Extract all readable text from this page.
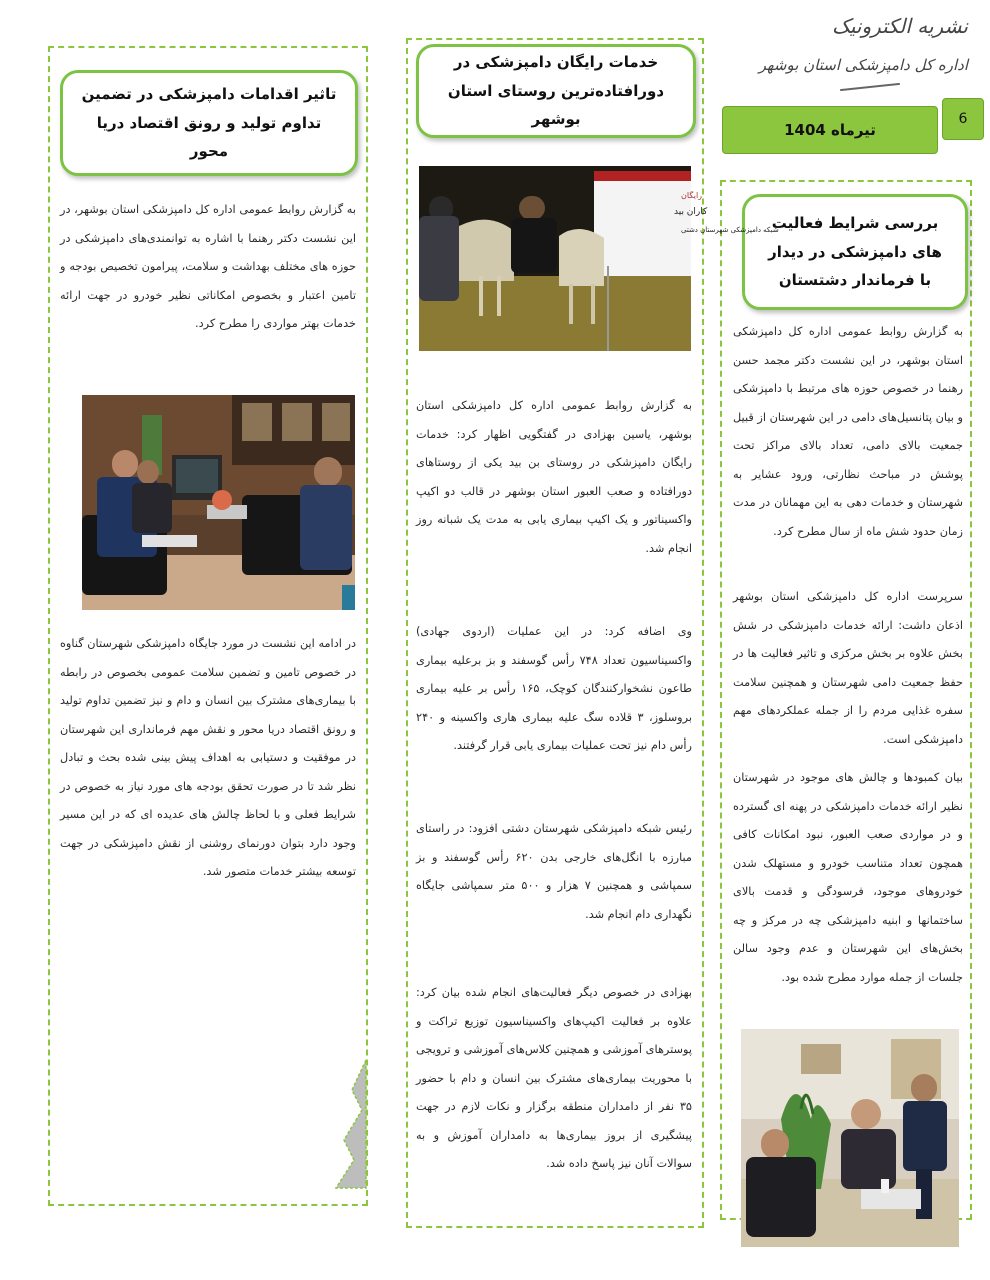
نشریه الکترونیک
اداره کل دامپزشکی استان بوشهر
تیرماه 1404
6
بررسی شرایط فعالیت های دامپزشکی در دیدار با فرماندار دشتستان
به گزارش روابط عمومی اداره کل دامپزشکی استان بوشهر، در این نشست دکتر مجمد حسن رهنما در خصوص حوزه های مرتبط با دامپزشکی و بیان پتانسیل‌های دامی در این شهرستان از قبیل جمعیت بالای دامی، تعداد بالای مراکز تحت پوشش در مباحث نظارتی، ورود عشایر به شهرستان و خدمات دهی به این مهمانان در مدت زمان حدود شش ماه از سال مطرح کرد.
سرپرست اداره کل دامپزشکی استان بوشهر اذعان داشت: ارائه خدمات دامپزشکی در شش بخش علاوه بر بخش مرکزی و تاثیر فعالیت ها در حفظ جمعیت دامی شهرستان و همچنین سلامت سفره غذایی مردم را از جمله عملکردهای مهم دامپزشکی است.
بیان کمبودها و چالش های موجود در شهرستان نظیر ارائه خدمات دامپزشکی در پهنه ای گسترده و در مواردی صعب العبور، نبود امکانات کافی همچون تعداد متناسب خودرو و مستهلک شدن خودروهای موجود، فرسودگی و قدمت بالای ساختمانها و ابنیه دامپزشکی چه در مرکز و چه بخش‌های این شهرستان و عدم وجود سالن جلسات از جمله موارد مطرح شده بود.
خدمات رایگان دامپزشکی در دورافتاده‌ترین روستای استان بوشهر
رایگان
کاران بید
شبکه دامپزشکی شهرستان دشتی
به گزارش روابط عمومی اداره کل دامپزشکی استان بوشهر، یاسین بهزادی در گفتگویی اظهار کرد: خدمات رایگان دامپزشکی در روستای بن بید یکی از روستاهای دورافتاده و صعب العبور استان بوشهر در قالب دو اکیپ واکسیناتور و یک اکیپ بیماری یابی به مدت یک شبانه روز انجام شد.
وی اضافه کرد: در این عملیات (اردوی جهادی) واکسیناسیون تعداد ۷۴۸ رأس گوسفند و بز برعلیه بیماری طاعون نشخوارکنندگان کوچک، ۱۶۵ رأس بر علیه بیماری بروسلوز، ۳ قلاده سگ علیه بیماری هاری واکسینه و ۲۴۰ رأس دام نیز تحت عملیات بیماری یابی قرار گرفتند.
رئیس شبکه دامپزشکی شهرستان دشتی افزود: در راستای مبارزه با انگل‌های خارجی بدن ۶۲۰ رأس گوسفند و بز سمپاشی و همچنین ۷ هزار و ۵۰۰ متر سمپاشی جایگاه نگهداری دام انجام شد.
بهزادی در خصوص دیگر فعالیت‌های انجام شده بیان کرد: علاوه بر فعالیت اکیپ‌های واکسیناسیون توزیع تراکت و پوسترهای آموزشی و همچنین کلاس‌های آموزشی و ترویجی با محوریت بیماری‌های مشترک بین انسان و دام با حضور ۳۵ نفر از دامداران منطقه برگزار و نکات لازم در جهت پیشگیری از بروز بیماری‌ها به دامداران آموزش و به سوالات آنان نیز پاسخ داده شد.
تاثیر اقدامات دامپزشکی در تضمین تداوم تولید و رونق اقتصاد دریا محور
به گزارش روابط عمومی اداره کل دامپزشکی استان بوشهر، در این نشست دکتر رهنما با اشاره به توانمندی‌های دامپزشکی در حوزه های مختلف بهداشت و سلامت، پیرامون تخصیص بودجه و تامین اعتبار و بخصوص امکاناتی نظیر خودرو در جهت ارائه خدمات بهتر مواردی را مطرح کرد.
در ادامه این نشست در مورد جایگاه دامپزشکی شهرستان گناوه در خصوص تامین و تضمین سلامت عمومی بخصوص در رابطه با بیماری‌های مشترک بین انسان و دام و نیز تضمین تداوم تولید و رونق اقتصاد دریا محور و نقش مهم فرمانداری این شهرستان در موفقیت و دستیابی به اهداف پیش بینی شده بحث و تبادل نظر شد تا در صورت تحقق بودجه های مورد نیاز به خصوص در شرایط فعلی و با لحاظ چالش های عدیده ای که در این مسیر وجود دارد بتوان دورنمای روشنی از نقش دامپزشکی در جهت توسعه بیشتر خدمات متصور شد.
